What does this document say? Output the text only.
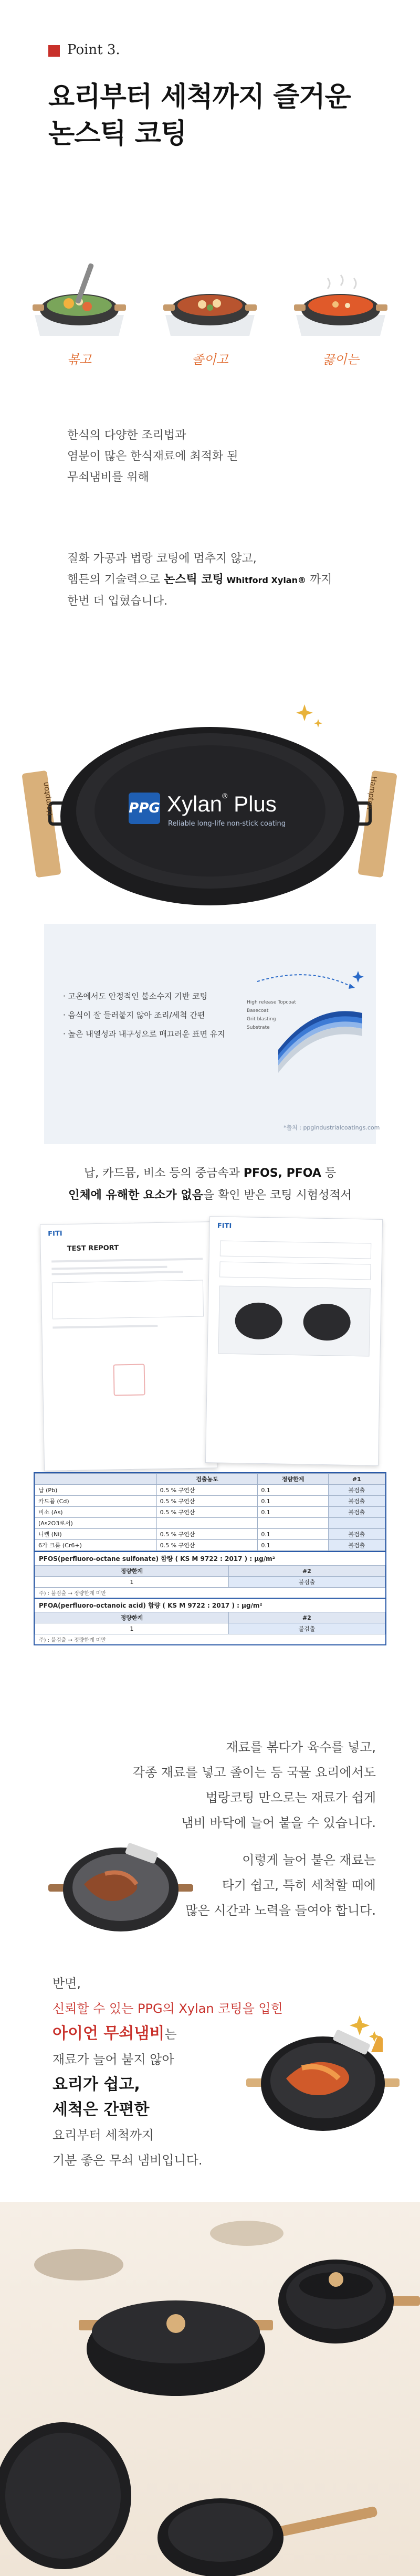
Point 3.
요리부터 세척까지 즐거운
논스틱 코팅
볶고	졸이고	끓이는
한식의 다양한 조리법과
염분이 많은 한식재료에 최적화 된
무쇠냄비를 위해
질화 가공과 법랑 코팅에 멈추지 않고,
햄튼의 기술력으로 논스틱 코팅 Whitford Xylan® 까지
한번 더 입혔습니다.
Hampton	Hampton
PPG Xylan® Plus
Reliable long-life non-stick coating
· 고온에서도 안정적인 불소수지 기반 코팅
· 음식이 잘 들러붙지 않아 조리/세척 간편
· 높은 내열성과 내구성으로 매끄러운 표면 유지
High release Topcoat
Basecoat
Grit blasting
Substrate
*출처 : ppgindustrialcoatings.com
납, 카드뮴, 비소 등의 중금속과 PFOS, PFOA 등
인체에 유해한 요소가 없음을 확인 받은 코팅 시험성적서
FITI
TEST REPORT
FITI
	검출농도	정량한계	#1
납 (Pb)	0.5 % 구연산	0.1	불검출
카드뮴 (Cd)	0.5 % 구연산	0.1	불검출
비소 (As)	0.5 % 구연산	0.1	불검출
(As2O3로서)			
니켈 (Ni)	0.5 % 구연산	0.1	불검출
6가 크롬 (Cr6+)	0.5 % 구연산	0.1	불검출
PFOS(perfluoro-octane sulfonate) 함량 ( KS M 9722 : 2017 ) : μg/m²
정량한계	#2
1	불검출
주) : 불검출 → 정량한계 미만
PFOA(perfluoro-octanoic acid) 함량 ( KS M 9722 : 2017 ) : μg/m²
정량한계	#2
1	불검출
주) : 불검출 → 정량한계 미만
재료를 볶다가 육수를 넣고,
각종 재료를 넣고 졸이는 등 국물 요리에서도
법랑코팅 만으로는 재료가 쉽게
냄비 바닥에 늘어 붙을 수 있습니다.
이렇게 늘어 붙은 재료는
타기 쉽고, 특히 세척할 때에
많은 시간과 노력을 들여야 합니다.
반면,
신뢰할 수 있는 PPG의 Xylan 코팅을 입힌
아이언 무쇠냄비는
재료가 늘어 붙지 않아
요리가 쉽고,
세척은 간편한
요리부터 세척까지
기분 좋은 무쇠 냄비입니다.
